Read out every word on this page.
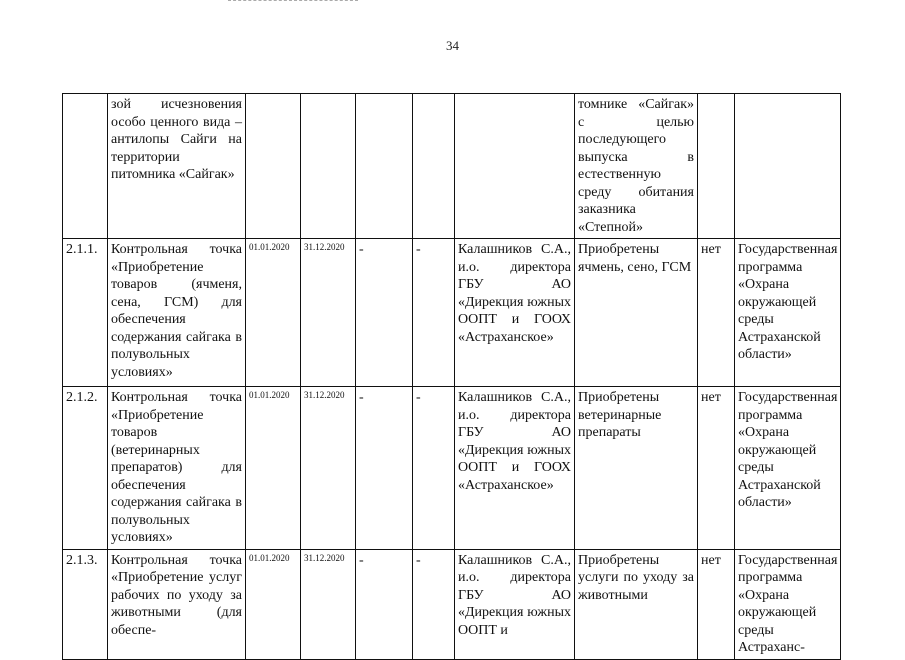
34
	зой исчезновения особо ценного вида – антилопы Сайги на территории питомника «Сайгак»						томнике «Сайгак» с целью последующего выпуска в естественную среду обитания заказника «Степной»		
2.1.1.	Контрольная точка «Приобретение товаров (ячменя, сена, ГСМ) для обеспечения содержания сайгака в полувольных условиях»	01.01.2020	31.12.2020	-	-	Калашников С.А., и.о. директора ГБУ АО «Дирекция южных ООПТ и ГООХ «Астраханское»	Приобретены ячмень, сено, ГСМ	нет	Государственная программа «Охрана окружающей среды Астраханской области»
2.1.2.	Контрольная точка «Приобретение товаров (ветеринарных препаратов) для обеспечения содержания сайгака в полувольных условиях»	01.01.2020	31.12.2020	-	-	Калашников С.А., и.о. директора ГБУ АО «Дирекция южных ООПТ и ГООХ «Астраханское»	Приобретены ветеринарные препараты	нет	Государственная программа «Охрана окружающей среды Астраханской области»
2.1.3.	Контрольная точка «Приобретение услуг рабочих по уходу за животными (для обеспе-	01.01.2020	31.12.2020	-	-	Калашников С.А., и.о. директора ГБУ АО «Дирекция южных ООПТ и	Приобретены услуги по уходу за животными	нет	Государственная программа «Охрана окружающей среды Астраханс-
